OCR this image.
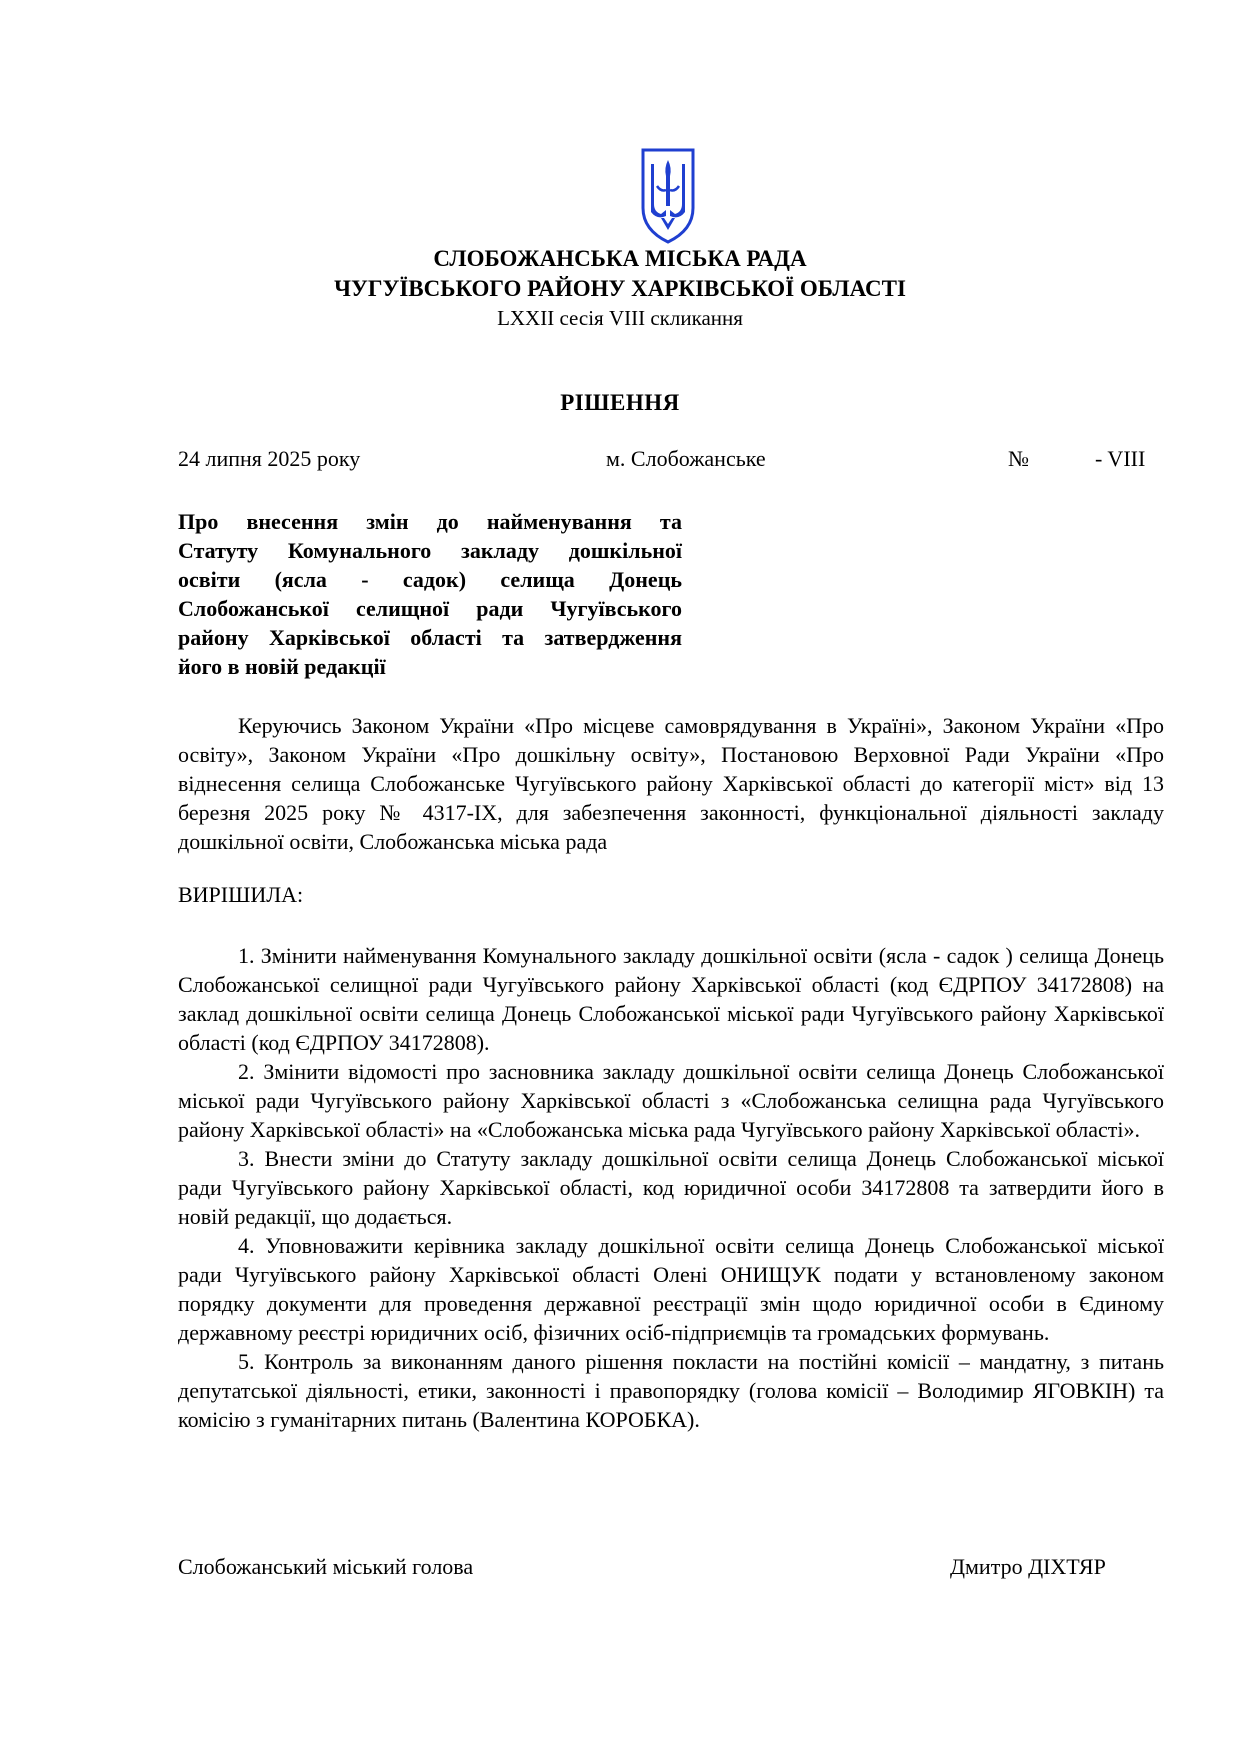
СЛОБОЖАНСЬКА МІСЬКА РАДА
ЧУГУЇВСЬКОГО РАЙОНУ ХАРКІВСЬКОЇ ОБЛАСТІ
LXXII сесія VIII скликання
РІШЕННЯ
24 липня 2025 року	м. Слобожанське	№	- VIII
Про внесення змін до найменування та
Статуту Комунального закладу дошкільної
освіти (ясла - садок) селища Донець
Слобожанської селищної ради Чугуївського
району Харківської області та затвердження
його в новій редакції
Керуючись Законом України «Про місцеве самоврядування в Україні», Законом України «Про освіту», Законом України «Про дошкільну освіту», Постановою Верховної Ради України «Про віднесення селища Слобожанське Чугуївського району Харківської області до категорії міст» від 13 березня 2025 року № 4317-IX, для забезпечення законності, функціональної діяльності закладу дошкільної освіти, Слобожанська міська рада
ВИРІШИЛА:
1. Змінити найменування Комунального закладу дошкільної освіти (ясла - садок ) селища Донець Слобожанської селищної ради Чугуївського району Харківської області (код ЄДРПОУ 34172808) на заклад дошкільної освіти селища Донець Слобожанської міської ради Чугуївського району Харківської області (код ЄДРПОУ 34172808).
2. Змінити відомості про засновника закладу дошкільної освіти селища Донець Слобожанської міської ради Чугуївського району Харківської області з «Слобожанська селищна рада Чугуївського району Харківської області» на «Слобожанська міська рада Чугуївського району Харківської області».
3. Внести зміни до Статуту закладу дошкільної освіти селища Донець Слобожанської міської ради Чугуївського району Харківської області, код юридичної особи 34172808 та затвердити його в новій редакції, що додається.
4. Уповноважити керівника закладу дошкільної освіти селища Донець Слобожанської міської ради Чугуївського району Харківської області Олені ОНИЩУК подати у встановленому законом порядку документи для проведення державної реєстрації змін щодо юридичної особи в Єдиному державному реєстрі юридичних осіб, фізичних осіб-підприємців та громадських формувань.
5. Контроль за виконанням даного рішення покласти на постійні комісії – мандатну, з питань депутатської діяльності, етики, законності і правопорядку (голова комісії – Володимир ЯГОВКІН) та комісію з гуманітарних питань (Валентина КОРОБКА).
Слобожанський міський голова	Дмитро ДІХТЯР
